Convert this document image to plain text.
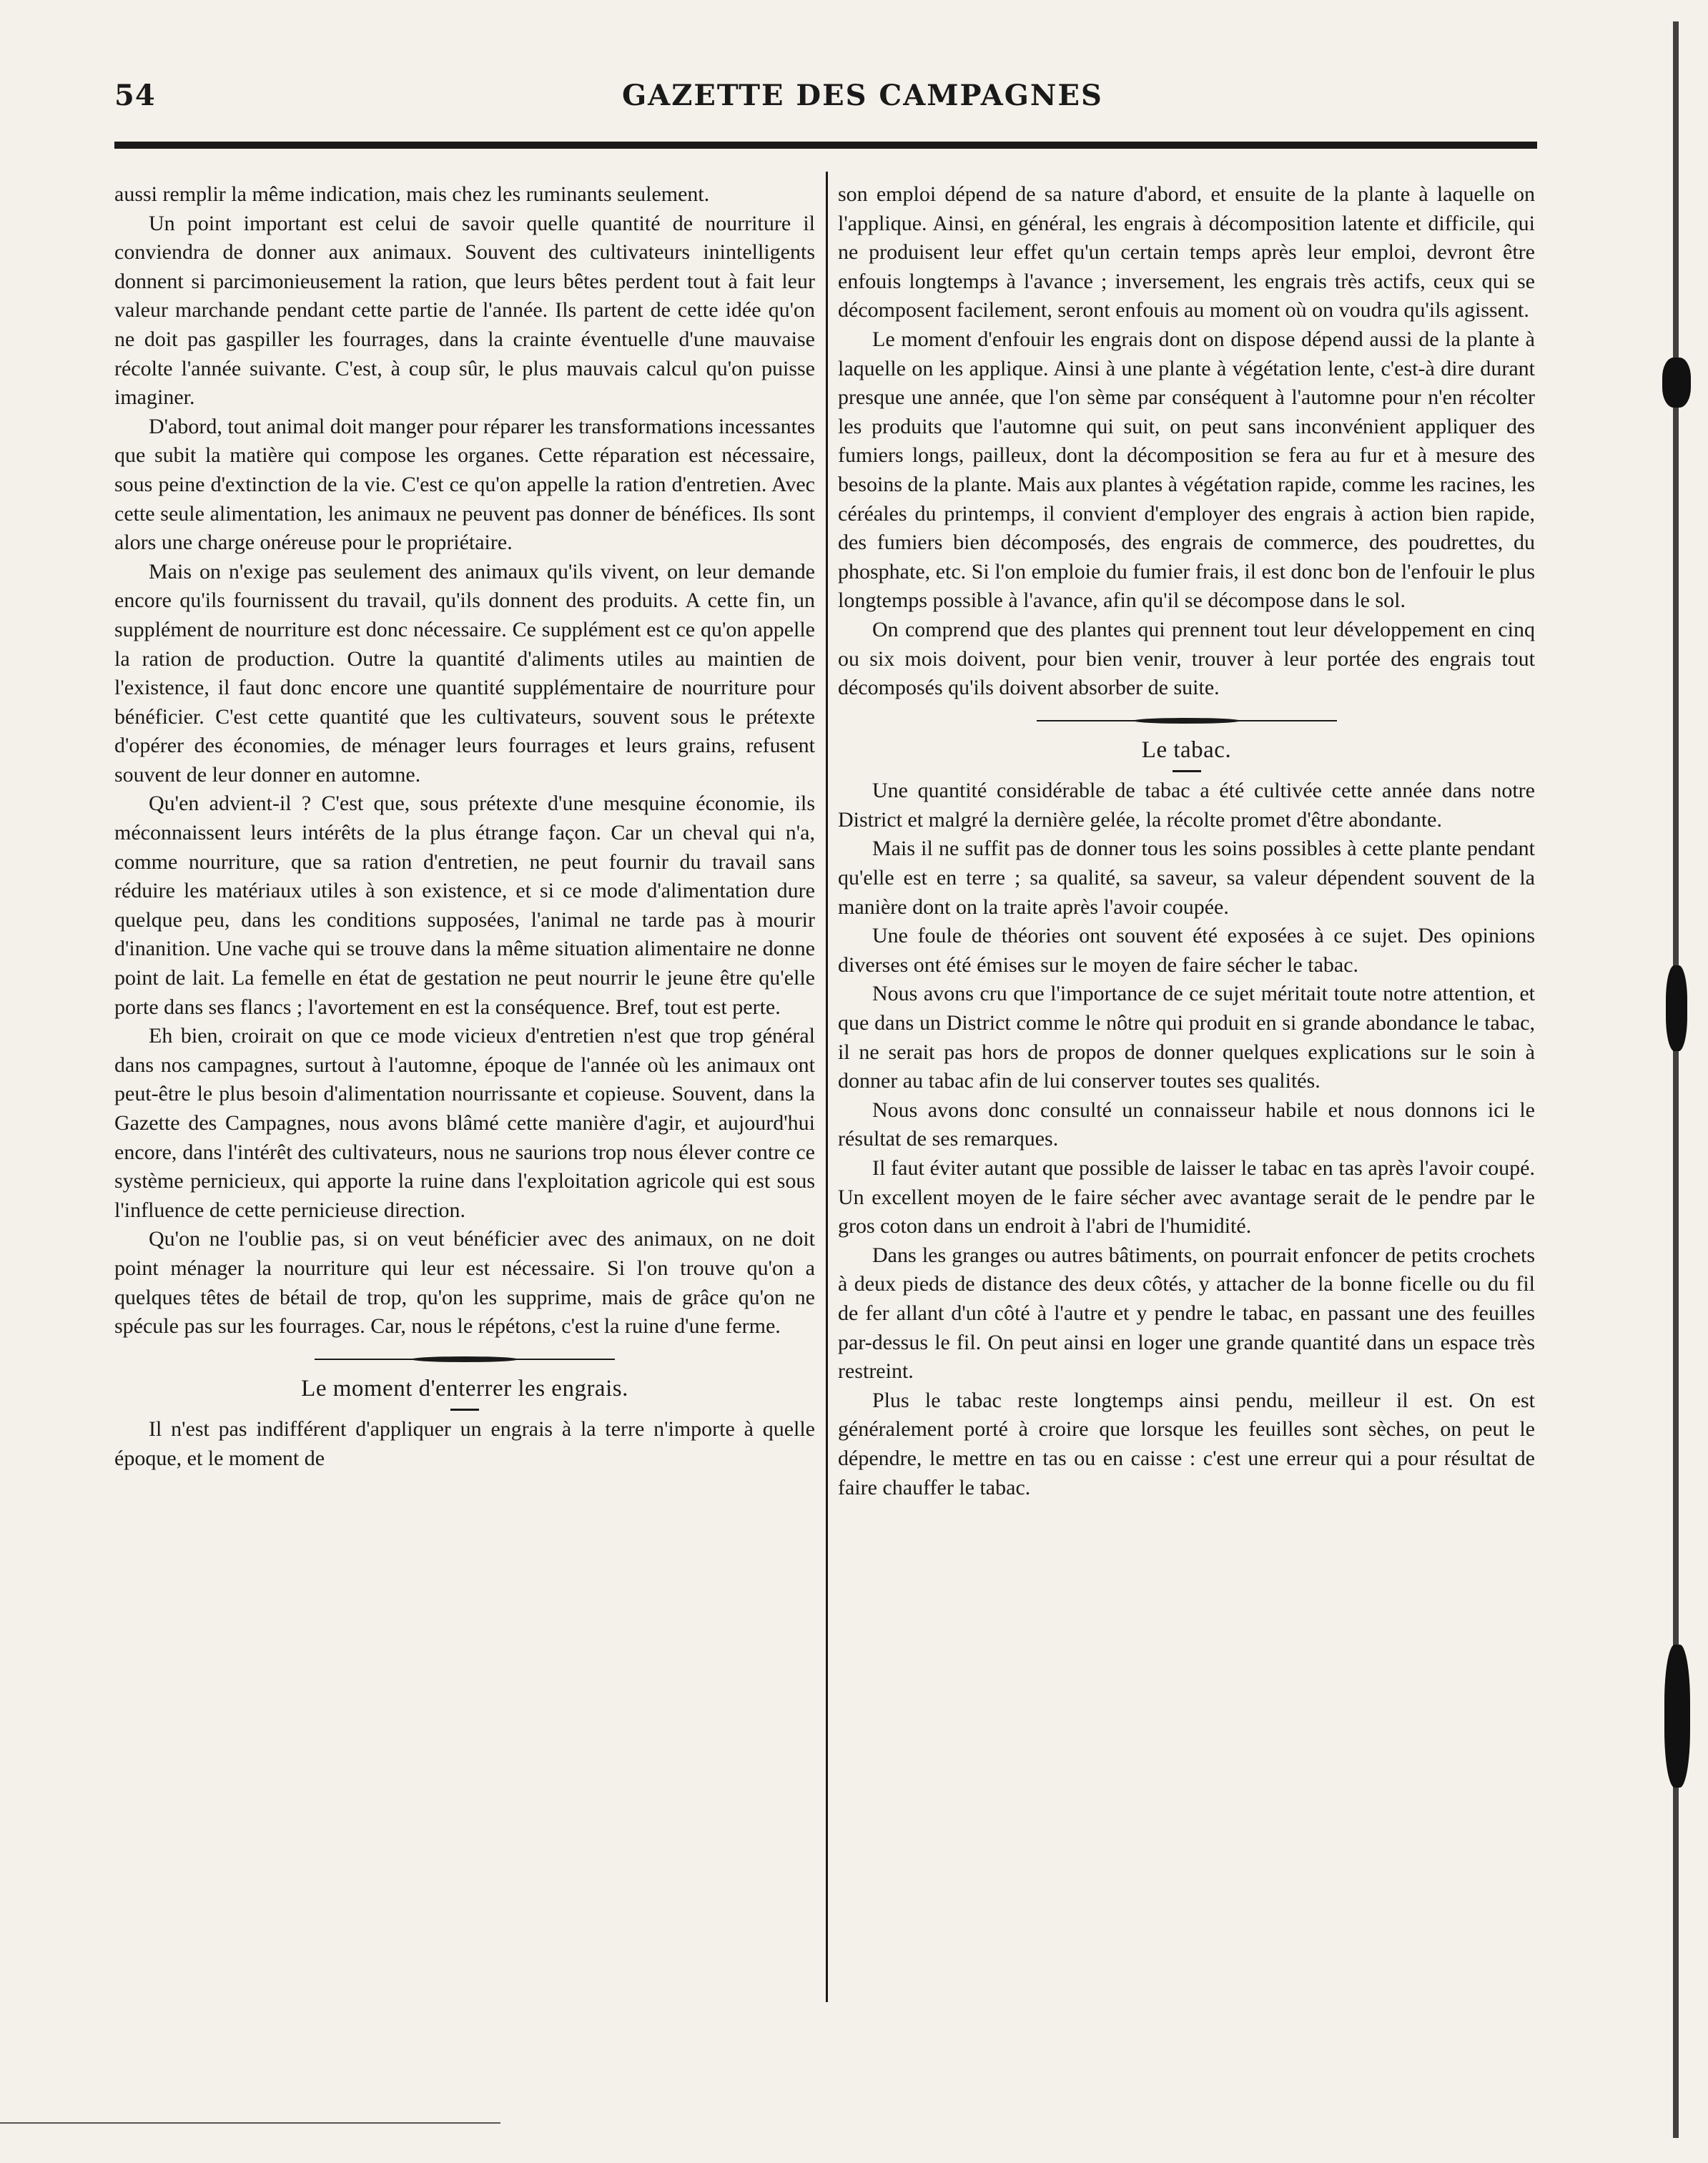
54	GAZETTE DES CAMPAGNES

aussi remplir la même indication, mais chez les ruminants seulement.

Un point important est celui de savoir quelle quantité de nourriture il conviendra de donner aux animaux. Souvent des cultivateurs inintelligents donnent si parcimonieusement la ration, que leurs bêtes perdent tout à fait leur valeur marchande pendant cette partie de l'année. Ils partent de cette idée qu'on ne doit pas gaspiller les fourrages, dans la crainte éventuelle d'une mauvaise récolte l'année suivante. C'est, à coup sûr, le plus mauvais calcul qu'on puisse imaginer.

D'abord, tout animal doit manger pour réparer les transformations incessantes que subit la matière qui compose les organes. Cette réparation est nécessaire, sous peine d'extinction de la vie. C'est ce qu'on appelle la ration d'entretien. Avec cette seule alimentation, les animaux ne peuvent pas donner de bénéfices. Ils sont alors une charge onéreuse pour le propriétaire.

Mais on n'exige pas seulement des animaux qu'ils vivent, on leur demande encore qu'ils fournissent du travail, qu'ils donnent des produits. A cette fin, un supplément de nourriture est donc nécessaire. Ce supplément est ce qu'on appelle la ration de production. Outre la quantité d'aliments utiles au maintien de l'existence, il faut donc encore une quantité supplémentaire de nourriture pour bénéficier. C'est cette quantité que les cultivateurs, souvent sous le prétexte d'opérer des économies, de ménager leurs fourrages et leurs grains, refusent souvent de leur donner en automne.

Qu'en advient-il ? C'est que, sous prétexte d'une mesquine économie, ils méconnaissent leurs intérêts de la plus étrange façon. Car un cheval qui n'a, comme nourriture, que sa ration d'entretien, ne peut fournir du travail sans réduire les matériaux utiles à son existence, et si ce mode d'alimentation dure quelque peu, dans les conditions supposées, l'animal ne tarde pas à mourir d'inanition. Une vache qui se trouve dans la même situation alimentaire ne donne point de lait. La femelle en état de gestation ne peut nourrir le jeune être qu'elle porte dans ses flancs ; l'avortement en est la conséquence. Bref, tout est perte.

Eh bien, croirait on que ce mode vicieux d'entretien n'est que trop général dans nos campagnes, surtout à l'automne, époque de l'année où les animaux ont peut-être le plus besoin d'alimentation nourrissante et copieuse. Souvent, dans la Gazette des Campagnes, nous avons blâmé cette manière d'agir, et aujourd'hui encore, dans l'intérêt des cultivateurs, nous ne saurions trop nous élever contre ce système pernicieux, qui apporte la ruine dans l'exploitation agricole qui est sous l'influence de cette pernicieuse direction.

Qu'on ne l'oublie pas, si on veut bénéficier avec des animaux, on ne doit point ménager la nourriture qui leur est nécessaire. Si l'on trouve qu'on a quelques têtes de bétail de trop, qu'on les supprime, mais de grâce qu'on ne spécule pas sur les fourrages. Car, nous le répétons, c'est la ruine d'une ferme.

Le moment d'enterrer les engrais.

Il n'est pas indifférent d'appliquer un engrais à la terre n'importe à quelle époque, et le moment de

son emploi dépend de sa nature d'abord, et ensuite de la plante à laquelle on l'applique. Ainsi, en général, les engrais à décomposition latente et difficile, qui ne produisent leur effet qu'un certain temps après leur emploi, devront être enfouis longtemps à l'avance ; inversement, les engrais très actifs, ceux qui se décomposent facilement, seront enfouis au moment où on voudra qu'ils agissent.

Le moment d'enfouir les engrais dont on dispose dépend aussi de la plante à laquelle on les applique. Ainsi à une plante à végétation lente, c'est-à dire durant presque une année, que l'on sème par conséquent à l'automne pour n'en récolter les produits que l'automne qui suit, on peut sans inconvénient appliquer des fumiers longs, pailleux, dont la décomposition se fera au fur et à mesure des besoins de la plante. Mais aux plantes à végétation rapide, comme les racines, les céréales du printemps, il convient d'employer des engrais à action bien rapide, des fumiers bien décomposés, des engrais de commerce, des poudrettes, du phosphate, etc. Si l'on emploie du fumier frais, il est donc bon de l'enfouir le plus longtemps possible à l'avance, afin qu'il se décompose dans le sol.

On comprend que des plantes qui prennent tout leur développement en cinq ou six mois doivent, pour bien venir, trouver à leur portée des engrais tout décomposés qu'ils doivent absorber de suite.

Le tabac.

Une quantité considérable de tabac a été cultivée cette année dans notre District et malgré la dernière gelée, la récolte promet d'être abondante.

Mais il ne suffit pas de donner tous les soins possibles à cette plante pendant qu'elle est en terre ; sa qualité, sa saveur, sa valeur dépendent souvent de la manière dont on la traite après l'avoir coupée.

Une foule de théories ont souvent été exposées à ce sujet. Des opinions diverses ont été émises sur le moyen de faire sécher le tabac.

Nous avons cru que l'importance de ce sujet méritait toute notre attention, et que dans un District comme le nôtre qui produit en si grande abondance le tabac, il ne serait pas hors de propos de donner quelques explications sur le soin à donner au tabac afin de lui conserver toutes ses qualités.

Nous avons donc consulté un connaisseur habile et nous donnons ici le résultat de ses remarques.

Il faut éviter autant que possible de laisser le tabac en tas après l'avoir coupé. Un excellent moyen de le faire sécher avec avantage serait de le pendre par le gros coton dans un endroit à l'abri de l'humidité.

Dans les granges ou autres bâtiments, on pourrait enfoncer de petits crochets à deux pieds de distance des deux côtés, y attacher de la bonne ficelle ou du fil de fer allant d'un côté à l'autre et y pendre le tabac, en passant une des feuilles par-dessus le fil. On peut ainsi en loger une grande quantité dans un espace très restreint.

Plus le tabac reste longtemps ainsi pendu, meilleur il est. On est généralement porté à croire que lorsque les feuilles sont sèches, on peut le dépendre, le mettre en tas ou en caisse : c'est une erreur qui a pour résultat de faire chauffer le tabac.
